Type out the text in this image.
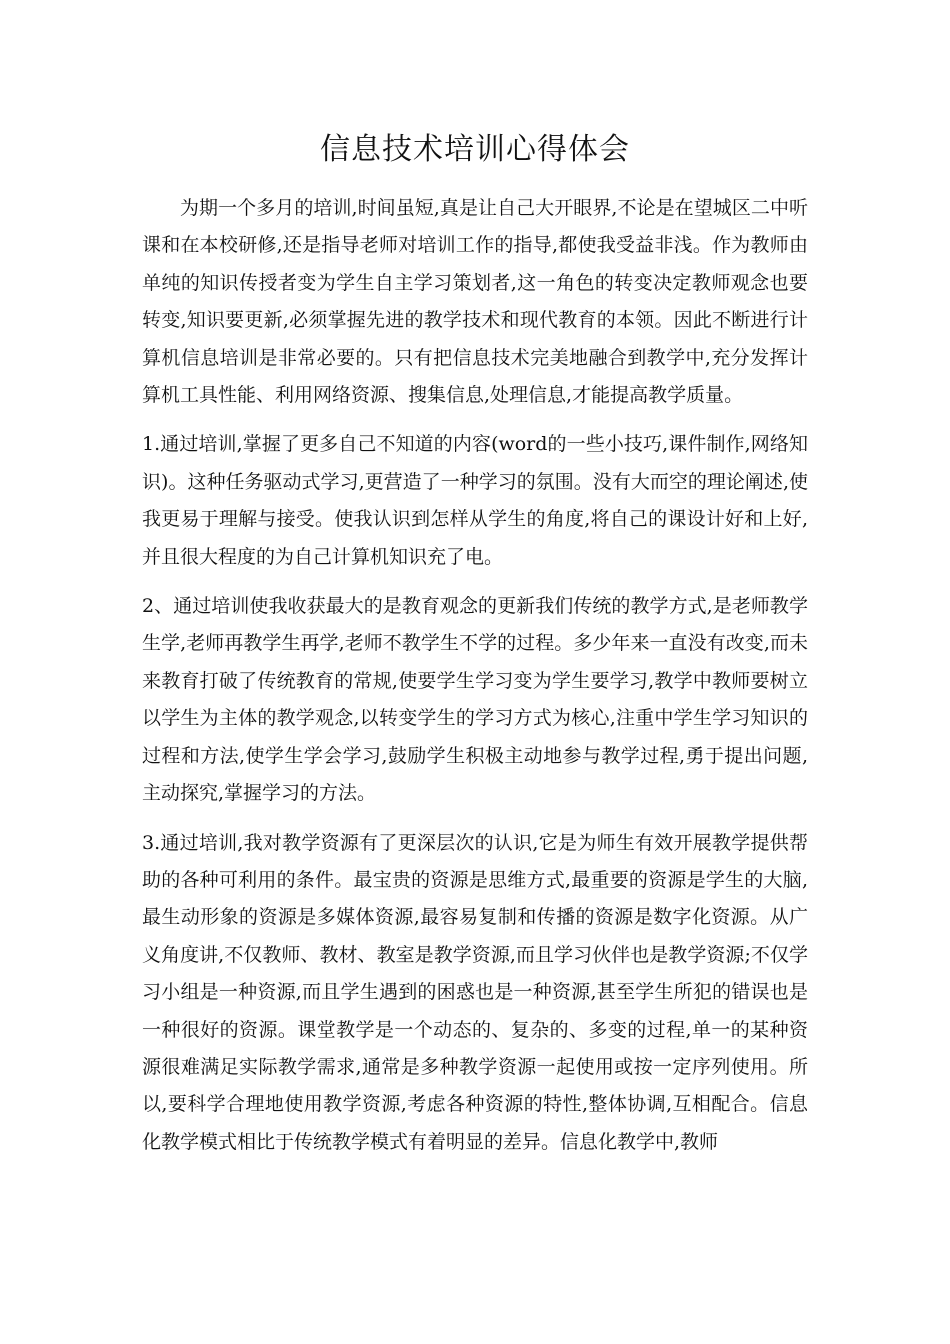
信息技术培训心得体会

为期一个多月的培训,时间虽短,真是让自己大开眼界,不论是在望城区二中听课和在本校研修,还是指导老师对培训工作的指导,都使我受益非浅。作为教师由单纯的知识传授者变为学生自主学习策划者,这一角色的转变决定教师观念也要转变,知识要更新,必须掌握先进的教学技术和现代教育的本领。因此不断进行计算机信息培训是非常必要的。只有把信息技术完美地融合到教学中,充分发挥计算机工具性能、利用网络资源、搜集信息,处理信息,才能提高教学质量。

1.通过培训,掌握了更多自己不知道的内容(word的一些小技巧,课件制作,网络知识)。这种任务驱动式学习,更营造了一种学习的氛围。没有大而空的理论阐述,使我更易于理解与接受。使我认识到怎样从学生的角度,将自己的课设计好和上好,并且很大程度的为自己计算机知识充了电。

2、通过培训使我收获最大的是教育观念的更新我们传统的教学方式,是老师教学生学,老师再教学生再学,老师不教学生不学的过程。多少年来一直没有改变,而未来教育打破了传统教育的常规,使要学生学习变为学生要学习,教学中教师要树立以学生为主体的教学观念,以转变学生的学习方式为核心,注重中学生学习知识的过程和方法,使学生学会学习,鼓励学生积极主动地参与教学过程,勇于提出问题,主动探究,掌握学习的方法。

3.通过培训,我对教学资源有了更深层次的认识,它是为师生有效开展教学提供帮助的各种可利用的条件。最宝贵的资源是思维方式,最重要的资源是学生的大脑,最生动形象的资源是多媒体资源,最容易复制和传播的资源是数字化资源。从广义角度讲,不仅教师、教材、教室是教学资源,而且学习伙伴也是教学资源;不仅学习小组是一种资源,而且学生遇到的困惑也是一种资源,甚至学生所犯的错误也是一种很好的资源。课堂教学是一个动态的、复杂的、多变的过程,单一的某种资源很难满足实际教学需求,通常是多种教学资源一起使用或按一定序列使用。所以,要科学合理地使用教学资源,考虑各种资源的特性,整体协调,互相配合。信息化教学模式相比于传统教学模式有着明显的差异。信息化教学中,教师
